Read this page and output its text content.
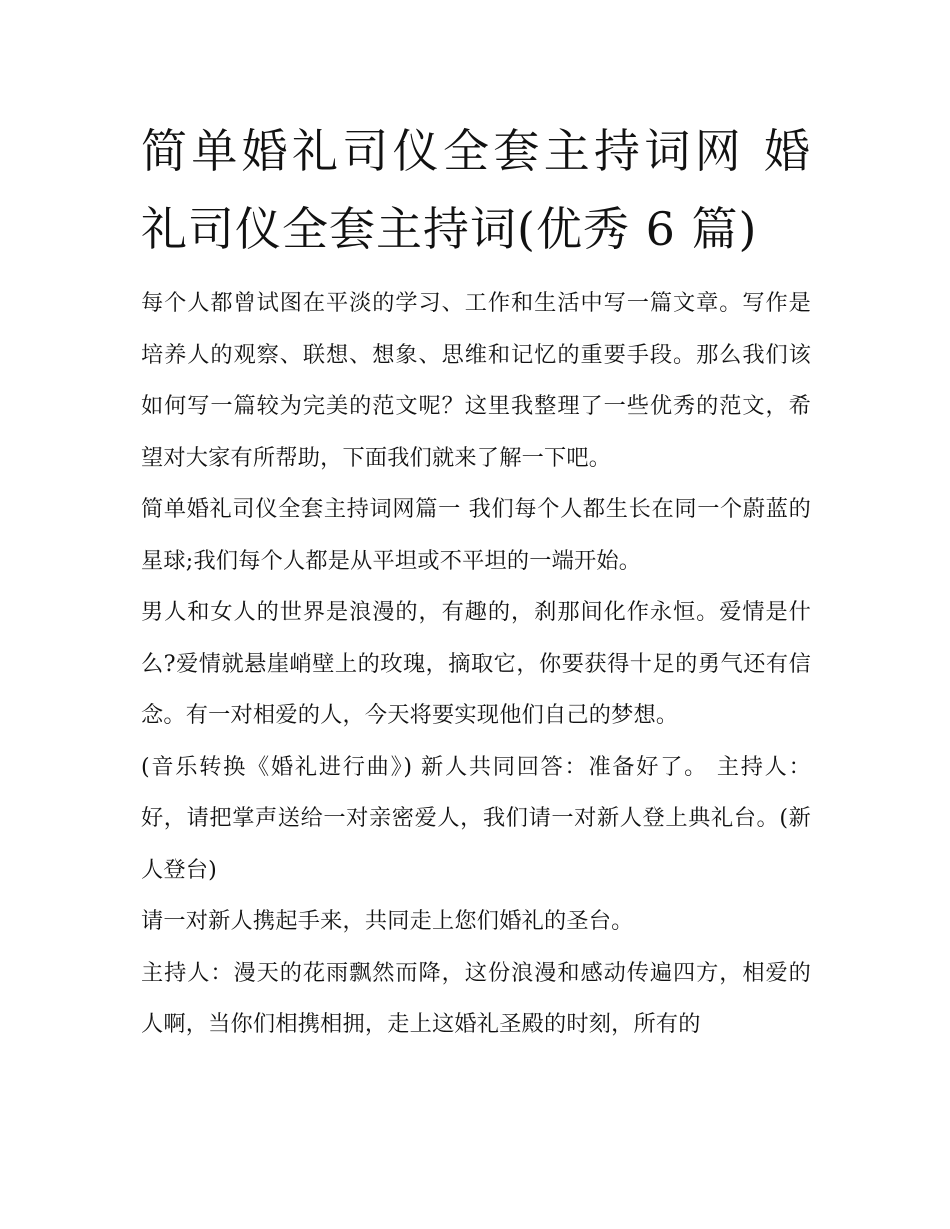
简单婚礼司仪全套主持词网 婚礼司仪全套主持词(优秀 6 篇)

每个人都曾试图在平淡的学习、工作和生活中写一篇文章。写作是培养人的观察、联想、想象、思维和记忆的重要手段。那么我们该如何写一篇较为完美的范文呢？这里我整理了一些优秀的范文，希望对大家有所帮助，下面我们就来了解一下吧。

简单婚礼司仪全套主持词网篇一 我们每个人都生长在同一个蔚蓝的星球;我们每个人都是从平坦或不平坦的一端开始。

男人和女人的世界是浪漫的，有趣的，刹那间化作永恒。爱情是什么?爱情就悬崖峭壁上的玫瑰，摘取它，你要获得十足的勇气还有信念。有一对相爱的人，今天将要实现他们自己的梦想。

(音乐转换《婚礼进行曲》) 新人共同回答：准备好了。 主持人：好，请把掌声送给一对亲密爱人，我们请一对新人登上典礼台。(新人登台)

请一对新人携起手来，共同走上您们婚礼的圣台。

主持人：漫天的花雨飘然而降，这份浪漫和感动传遍四方，相爱的人啊，当你们相携相拥，走上这婚礼圣殿的时刻，所有的
